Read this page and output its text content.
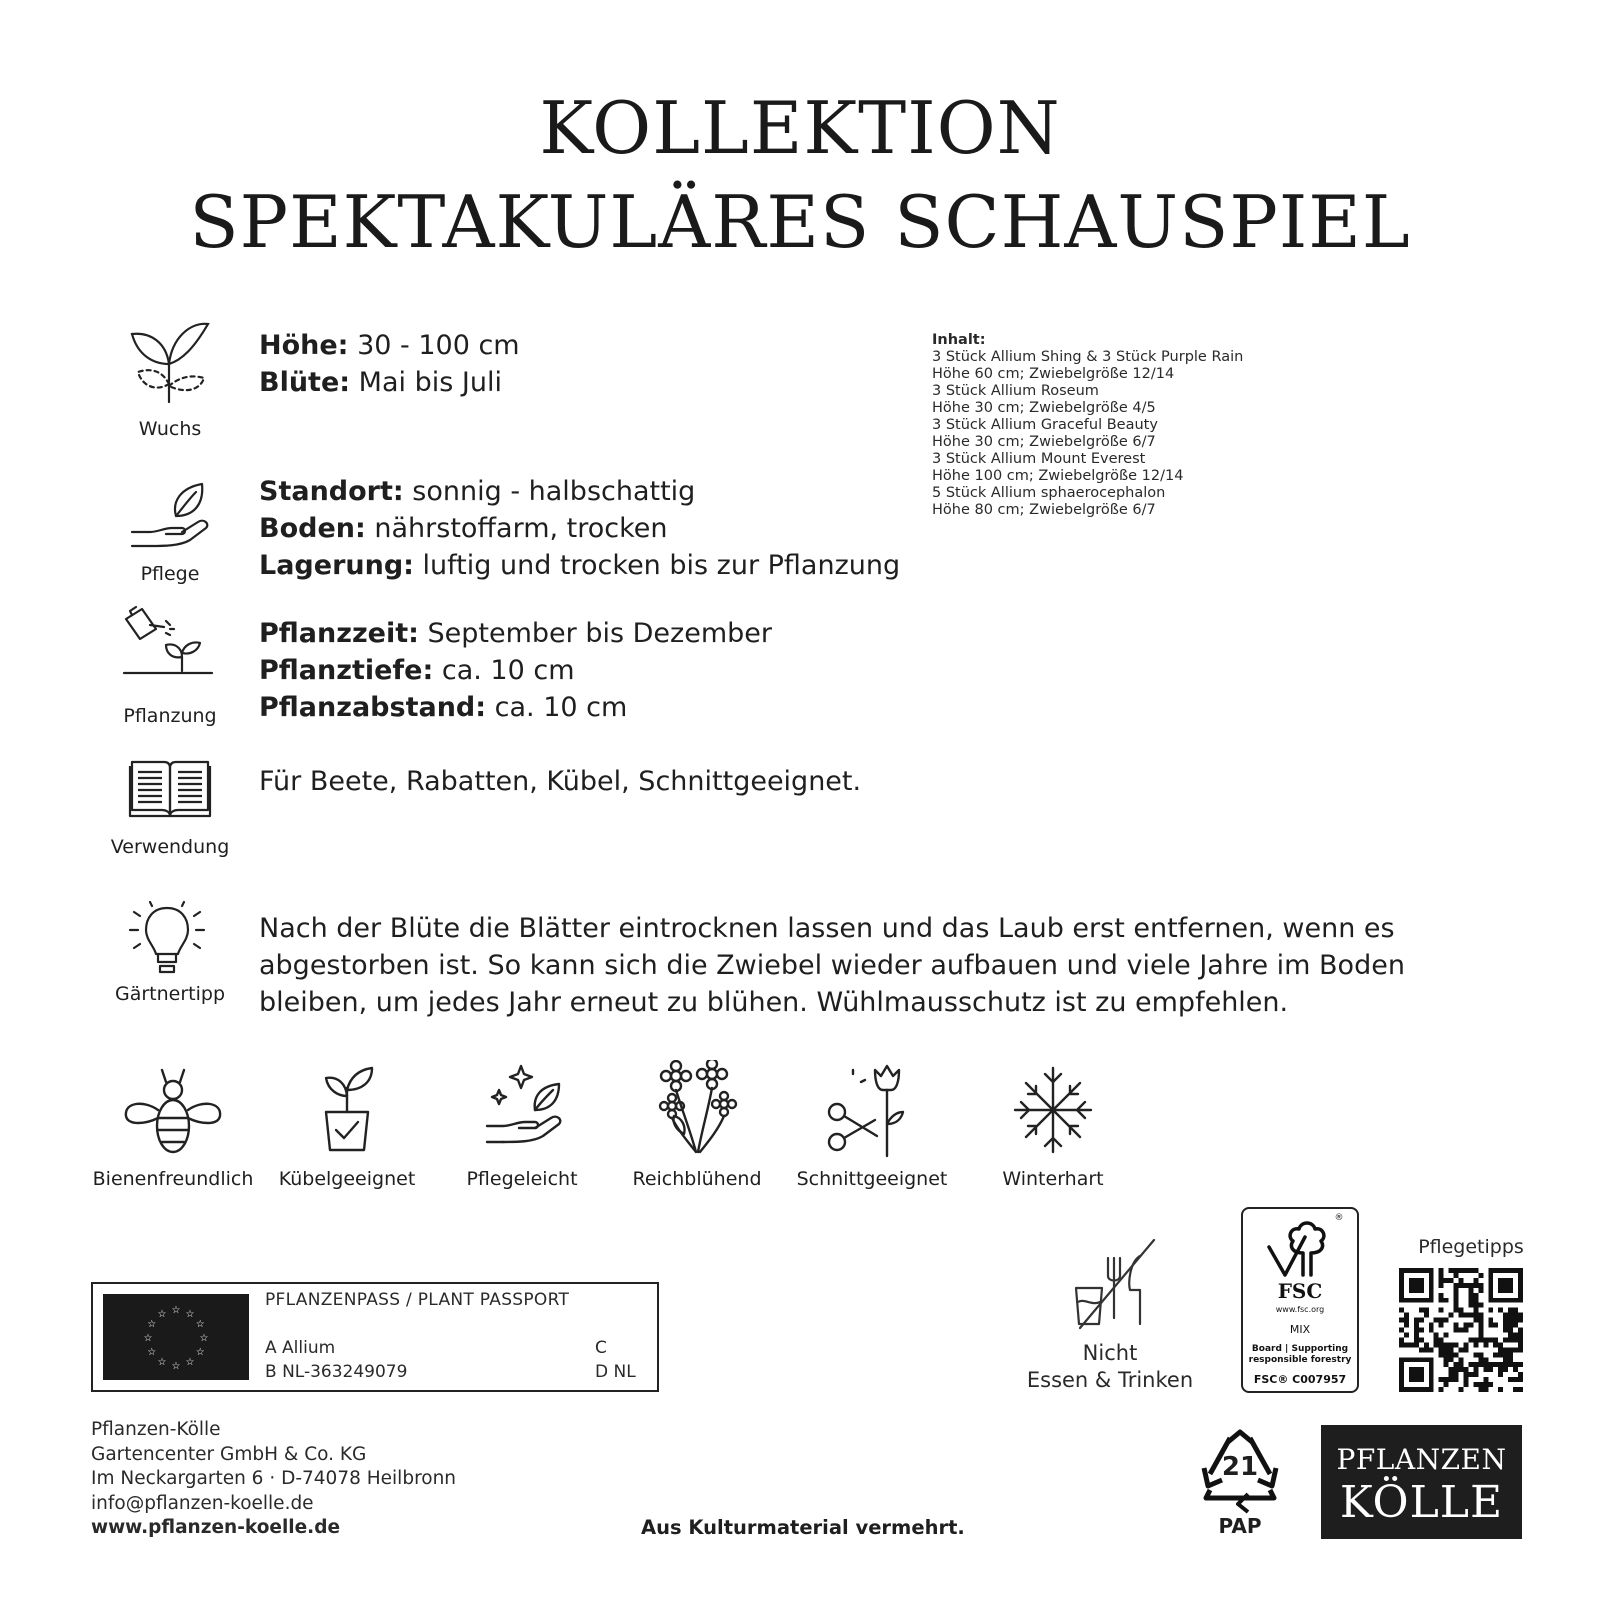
KOLLEKTION
SPEKTAKULÄRES SCHAUSPIEL
Wuchs
Höhe: 30 - 100 cm
Blüte: Mai bis Juli
Pflege
Standort: sonnig - halbschattig
Boden: nährstoffarm, trocken
Lagerung: luftig und trocken bis zur Pflanzung
Pflanzung
Pflanzzeit: September bis Dezember
Pflanztiefe: ca. 10 cm
Pflanzabstand: ca. 10 cm
Verwendung
Für Beete, Rabatten, Kübel, Schnittgeeignet.
Gärtnertipp
Nach der Blüte die Blätter eintrocknen lassen und das Laub erst entfernen, wenn es
abgestorben ist. So kann sich die Zwiebel wieder aufbauen und viele Jahre im Boden
bleiben, um jedes Jahr erneut zu blühen. Wühlmausschutz ist zu empfehlen.
Inhalt:
3 Stück Allium Shing & 3 Stück Purple Rain
Höhe 60 cm; Zwiebelgröße 12/14
3 Stück Allium Roseum
Höhe 30 cm; Zwiebelgröße 4/5
3 Stück Allium Graceful Beauty
Höhe 30 cm; Zwiebelgröße 6/7
3 Stück Allium Mount Everest
Höhe 100 cm; Zwiebelgröße 12/14
5 Stück Allium sphaerocephalon
Höhe 80 cm; Zwiebelgröße 6/7
Bienenfreundlich	Kübelgeeignet	Pflegeleicht	Reichblühend	Schnittgeeignet	Winterhart
☆
☆
☆
☆
☆
☆
☆
☆
☆ ☆ ☆
☆
PFLANZENPASS / PLANT PASSPORT
A Allium
B NL-363249079
C
D NL
Pflanzen-Kölle
Gartencenter GmbH & Co. KG
Im Neckargarten 6 · D-74078 Heilbronn
info@pflanzen-koelle.de
www.pflanzen-koelle.de	Aus Kulturmaterial vermehrt.
Nicht
Essen & Trinken
®
FSC
www.fsc.org
MIX
Board | Supporting
responsible forestry
FSC® C007957
Pflegetipps
21
PAP
PFLANZEN
KÖLLE
